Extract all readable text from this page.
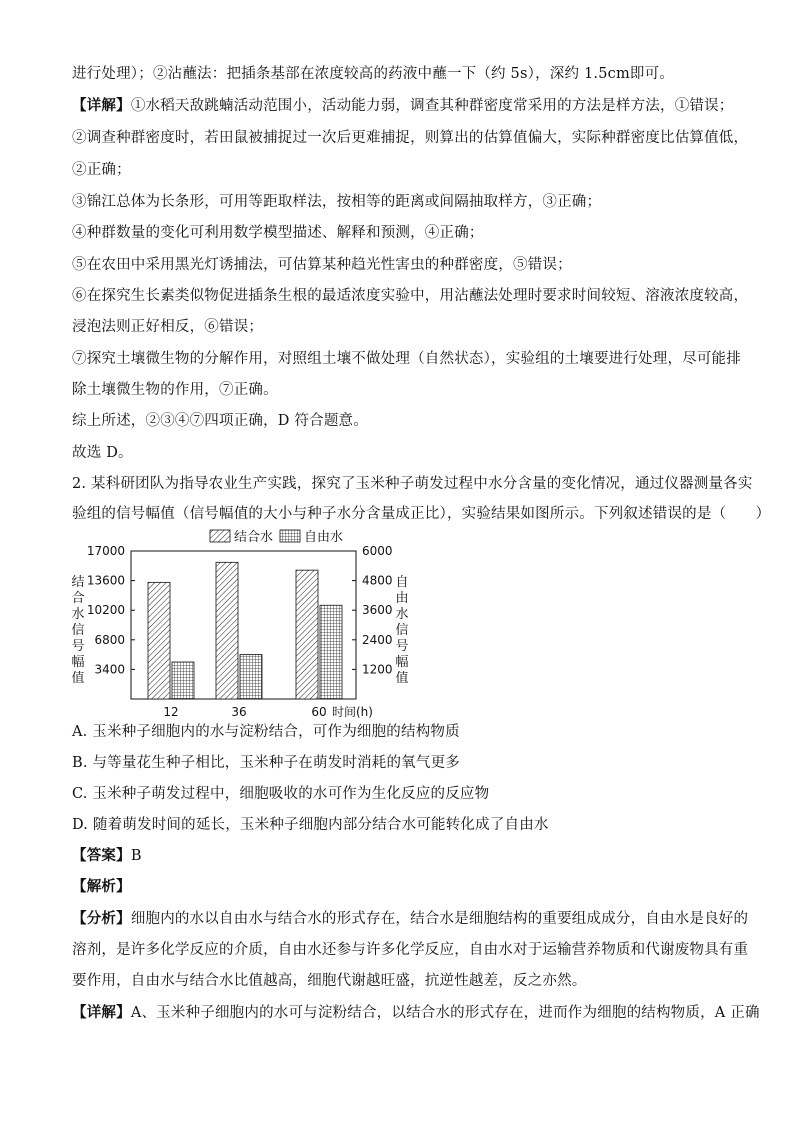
进行处理）；②沾蘸法：把插条基部在浓度较高的药液中蘸一下（约 5s），深约 1.5cm即可。
【详解】①水稻天敌跳蝻活动范围小，活动能力弱，调查其种群密度常采用的方法是样方法，①错误；
②调查种群密度时，若田鼠被捕捉过一次后更难捕捉，则算出的估算值偏大，实际种群密度比估算值低，
②正确；
③锦江总体为长条形，可用等距取样法，按相等的距离或间隔抽取样方，③正确；
④种群数量的变化可利用数学模型描述、解释和预测，④正确；
⑤在农田中采用黑光灯诱捕法，可估算某种趋光性害虫的种群密度，⑤错误；
⑥在探究生长素类似物促进插条生根的最适浓度实验中，用沾蘸法处理时要求时间较短、溶液浓度较高，
浸泡法则正好相反，⑥错误；
⑦探究土壤微生物的分解作用，对照组土壤不做处理（自然状态），实验组的土壤要进行处理，尽可能排
除土壤微生物的作用，⑦正确。
综上所述，②③④⑦四项正确，D 符合题意。
故选 D。
2. 某科研团队为指导农业生产实践，探究了玉米种子萌发过程中水分含量的变化情况，通过仪器测量各实
验组的信号幅值（信号幅值的大小与种子水分含量成正比），实验结果如图所示。下列叙述错误的是（　　）
结合水 自由水
3400
6800
10200
13600
17000
1200
2400
3600
4800
6000
结
合
水
信
号
幅
值
自
由
水
信
号
幅
值
12	36	60 时间(h)
A. 玉米种子细胞内的水与淀粉结合，可作为细胞的结构物质
B. 与等量花生种子相比，玉米种子在萌发时消耗的氧气更多
C. 玉米种子萌发过程中，细胞吸收的水可作为生化反应的反应物
D. 随着萌发时间的延长，玉米种子细胞内部分结合水可能转化成了自由水
【答案】B
【解析】
【分析】细胞内的水以自由水与结合水的形式存在，结合水是细胞结构的重要组成成分，自由水是良好的
溶剂，是许多化学反应的介质，自由水还参与许多化学反应，自由水对于运输营养物质和代谢废物具有重
要作用，自由水与结合水比值越高，细胞代谢越旺盛，抗逆性越差，反之亦然。
【详解】A、玉米种子细胞内的水可与淀粉结合，以结合水的形式存在，进而作为细胞的结构物质，A 正确
